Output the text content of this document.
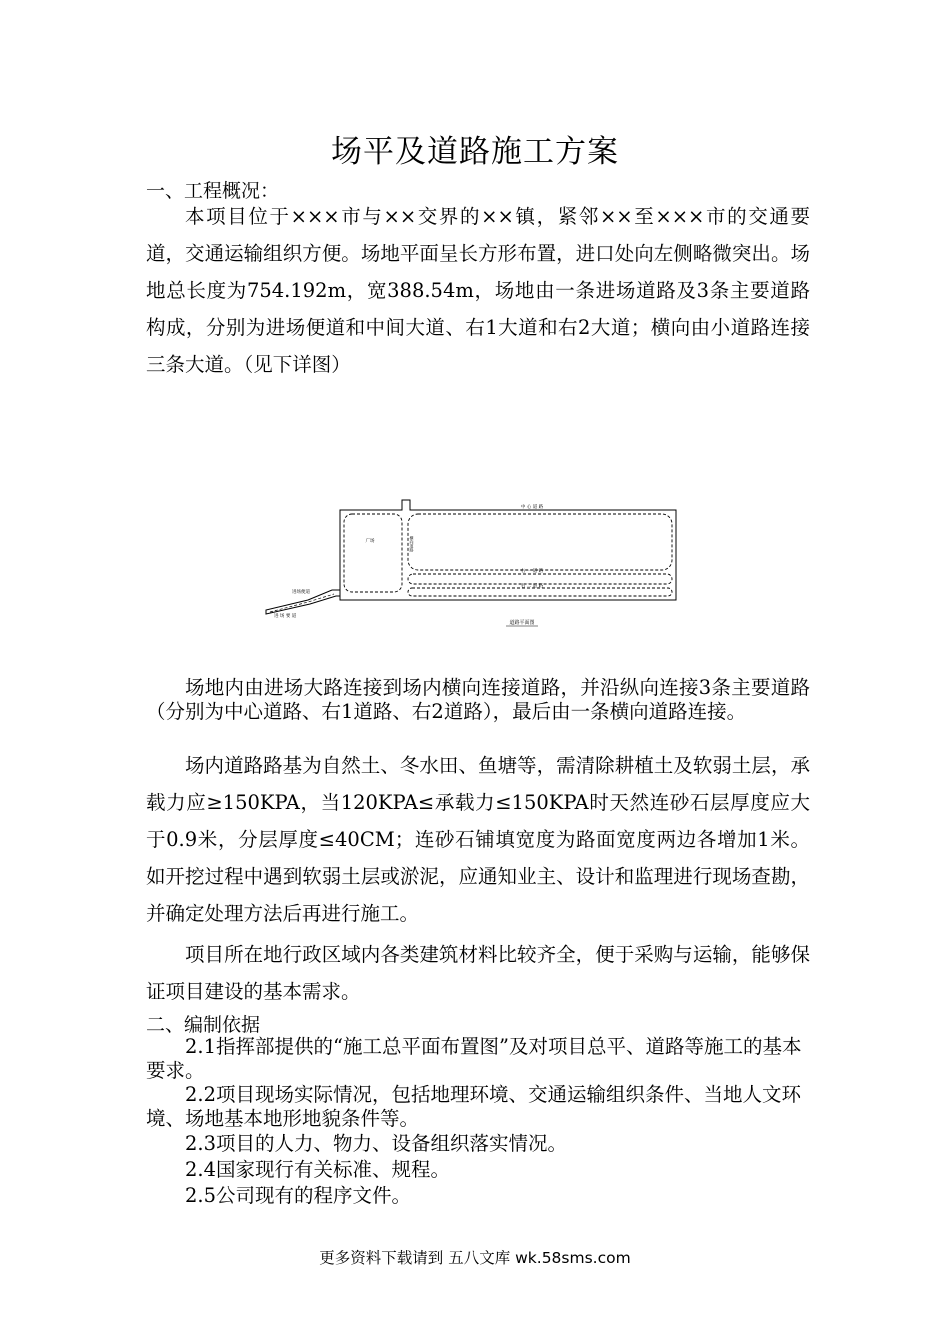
场平及道路施工方案
一、工程概况：

本项目位于×××市与××交界的××镇，紧邻××至×××市的交通要道，交通运输组织方便。场地平面呈长方形布置，进口处向左侧略微突出。场地总长度为754.192m，宽388.54m，场地由一条进场道路及3条主要道路构成，分别为进场便道和中间大道、右1大道和右2大道；横向由小道路连接三条大道。（见下详图）

中 心 道 路
右 一 道 路
右 二 道 路
广场	横向道路
进场便道
进 场 要 道
道路平面图

场地内由进场大路连接到场内横向连接道路，并沿纵向连接3条主要道路（分别为中心道路、右1道路、右2道路），最后由一条横向道路连接。

场内道路路基为自然土、冬水田、鱼塘等，需清除耕植土及软弱土层，承载力应≥150KPA，当120KPA≤承载力≤150KPA时天然连砂石层厚度应大于0.9米，分层厚度≤40CM；连砂石铺填宽度为路面宽度两边各增加1米。如开挖过程中遇到软弱土层或淤泥，应通知业主、设计和监理进行现场查勘，并确定处理方法后再进行施工。

项目所在地行政区域内各类建筑材料比较齐全，便于采购与运输，能够保证项目建设的基本需求。

二、编制依据

2.1指挥部提供的“施工总平面布置图”及对项目总平、道路等施工的基本要求。

2.2项目现场实际情况，包括地理环境、交通运输组织条件、当地人文环境、场地基本地形地貌条件等。

2.3项目的人力、物力、设备组织落实情况。

2.4国家现行有关标准、规程。

2.5公司现有的程序文件。

更多资料下载请到 五八文库 wk.58sms.com
